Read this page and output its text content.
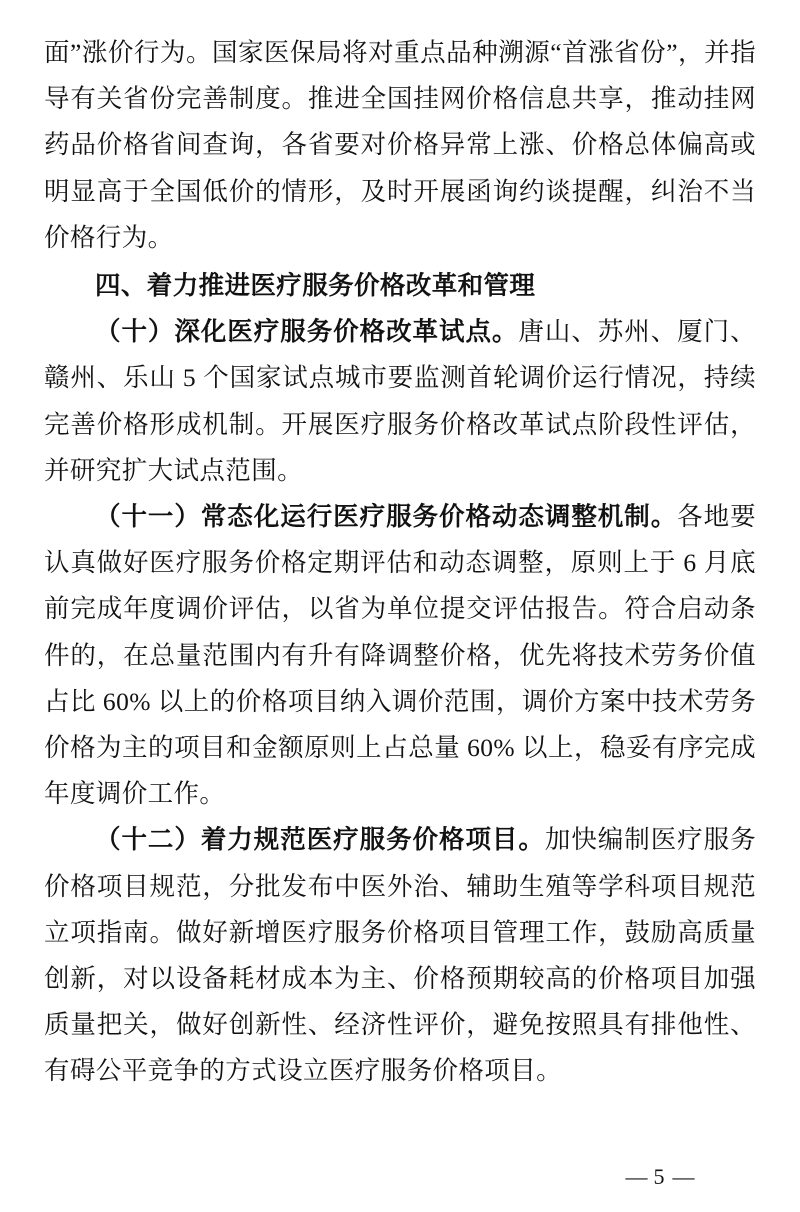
面”涨价行为。国家医保局将对重点品种溯源“首涨省份”，并指导有关省份完善制度。推进全国挂网价格信息共享，推动挂网药品价格省间查询，各省要对价格异常上涨、价格总体偏高或明显高于全国低价的情形，及时开展函询约谈提醒，纠治不当价格行为。

四、着力推进医疗服务价格改革和管理

（十）深化医疗服务价格改革试点。唐山、苏州、厦门、赣州、乐山 5 个国家试点城市要监测首轮调价运行情况，持续完善价格形成机制。开展医疗服务价格改革试点阶段性评估，并研究扩大试点范围。

（十一）常态化运行医疗服务价格动态调整机制。各地要认真做好医疗服务价格定期评估和动态调整，原则上于 6 月底前完成年度调价评估，以省为单位提交评估报告。符合启动条件的，在总量范围内有升有降调整价格，优先将技术劳务价值占比 60% 以上的价格项目纳入调价范围，调价方案中技术劳务价格为主的项目和金额原则上占总量 60% 以上，稳妥有序完成年度调价工作。

（十二）着力规范医疗服务价格项目。加快编制医疗服务价格项目规范，分批发布中医外治、辅助生殖等学科项目规范立项指南。做好新增医疗服务价格项目管理工作，鼓励高质量创新，对以设备耗材成本为主、价格预期较高的价格项目加强质量把关，做好创新性、经济性评价，避免按照具有排他性、有碍公平竞争的方式设立医疗服务价格项目。

— 5 —
